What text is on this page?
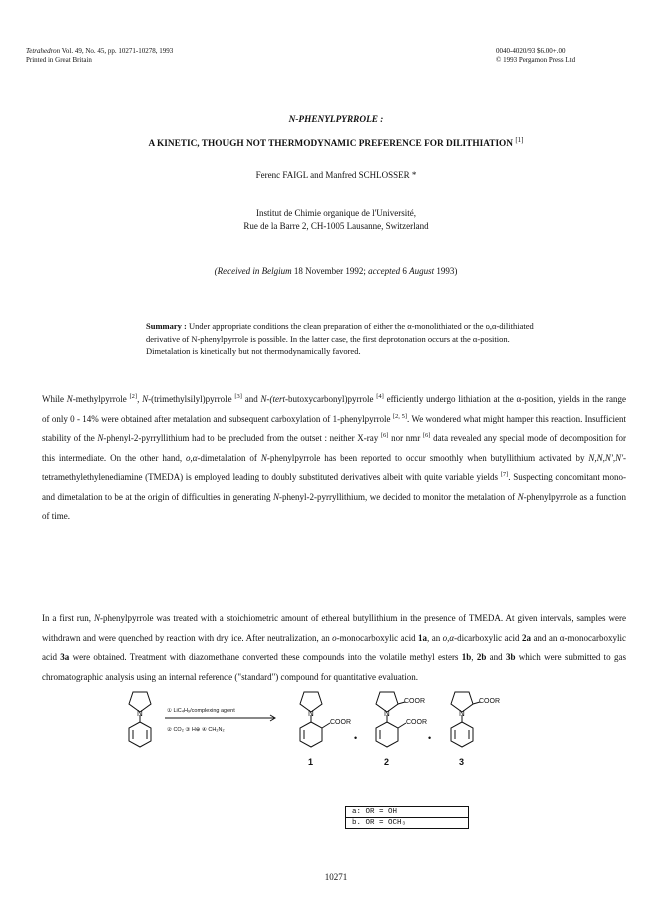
Tetrahedron Vol. 49, No. 45, pp. 10271-10278, 1993
Printed in Great Britain
0040-4020/93 $6.00+.00
© 1993 Pergamon Press Ltd
N-PHENYLPYRROLE :
A KINETIC, THOUGH NOT THERMODYNAMIC PREFERENCE FOR DILITHIATION [1]
Ferenc FAIGL and Manfred SCHLOSSER *
Institut de Chimie organique de l'Université,
Rue de la Barre 2, CH-1005 Lausanne, Switzerland
(Received in Belgium 18 November 1992; accepted 6 August 1993)
Summary : Under appropriate conditions the clean preparation of either the α-monolithiated or the o,α-dilithiated derivative of N-phenylpyrrole is possible. In the latter case, the first deprotonation occurs at the α-position. Dimetalation is kinetically but not thermodynamically favored.
While N-methylpyrrole [2], N-(trimethylsilyl)pyrrole [3] and N-(tert-butoxycarbonyl)pyrrole [4] efficiently undergo lithiation at the α-position, yields in the range of only 0 - 14% were obtained after metalation and subsequent carboxylation of 1-phenylpyrrole [2, 5]. We wondered what might hamper this reaction. Insufficient stability of the N-phenyl-2-pyrryllithium had to be precluded from the outset : neither X-ray [6] nor nmr [6] data revealed any special mode of decomposition for this intermediate. On the other hand, o,α-dimetalation of N-phenylpyrrole has been reported to occur smoothly when butyllithium activated by N,N,N',N'-tetramethylethylenediamine (TMEDA) is employed leading to doubly substituted derivatives albeit with quite variable yields [7]. Suspecting concomitant mono- and dimetalation to be at the origin of difficulties in generating N-phenyl-2-pyrryllithium, we decided to monitor the metalation of N-phenylpyrrole as a function of time.
In a first run, N-phenylpyrrole was treated with a stoichiometric amount of ethereal butyllithium in the presence of TMEDA. At given intervals, samples were withdrawn and were quenched by reaction with dry ice. After neutralization, an o-monocarboxylic acid 1a, an o,α-dicarboxylic acid 2a and an α-monocarboxylic acid 3a were obtained. Treatment with diazomethane converted these compounds into the volatile methyl esters 1b, 2b and 3b which were submitted to gas chromatographic analysis using an internal reference ("standard") compound for quantitative evaluation.
N	① LiC₄H₉/complexing agent
② CO₂ ③ H⊕ ④ CH₂N₂
N
COOR
•
1
N
COOR
COOR
•
2
N
COOR
3
a: OR = OH
b. OR = OCH₃
10271
